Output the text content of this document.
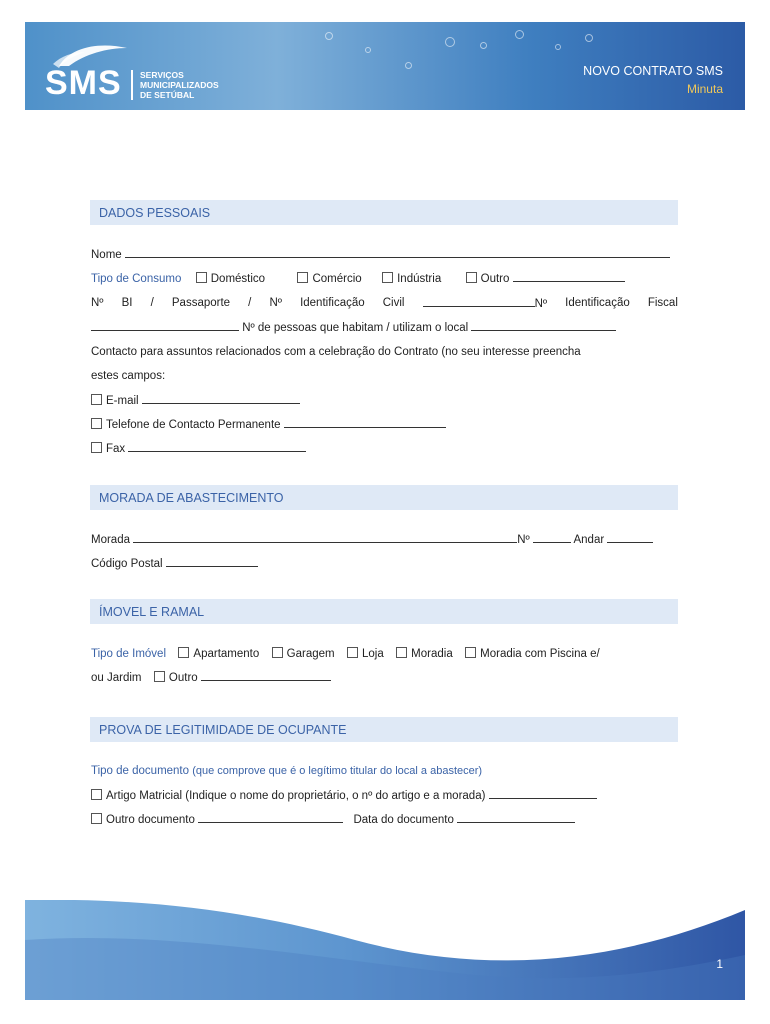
SMS SERVIÇOS
MUNICIPALIZADOS
DE SETÚBAL
NOVO CONTRATO SMS
Minuta
DADOS PESSOAIS
Nome
Tipo de Consumo	Doméstico	Comércio	Indústria	Outro
Nº BI / Passaporte / Nº Identificação Civil	Nº Identificação Fiscal
Nº de pessoas que habitam / utilizam o local
Contacto para assuntos relacionados com a celebração do Contrato (no seu interesse preencha
estes campos:
E-mail
Telefone de Contacto Permanente
Fax
MORADA DE ABASTECIMENTO
Morada	Nº	Andar
Código Postal
ÍMOVEL E RAMAL
Tipo de Imóvel Apartamento Garagem Loja Moradia Moradia com Piscina e/
ou Jardim Outro
PROVA DE LEGITIMIDADE DE OCUPANTE
Tipo de documento (que comprove que é o legítimo titular do local a abastecer)
Artigo Matricial (Indique o nome do proprietário, o nº do artigo e a morada)
Outro documento	Data do documento
1
